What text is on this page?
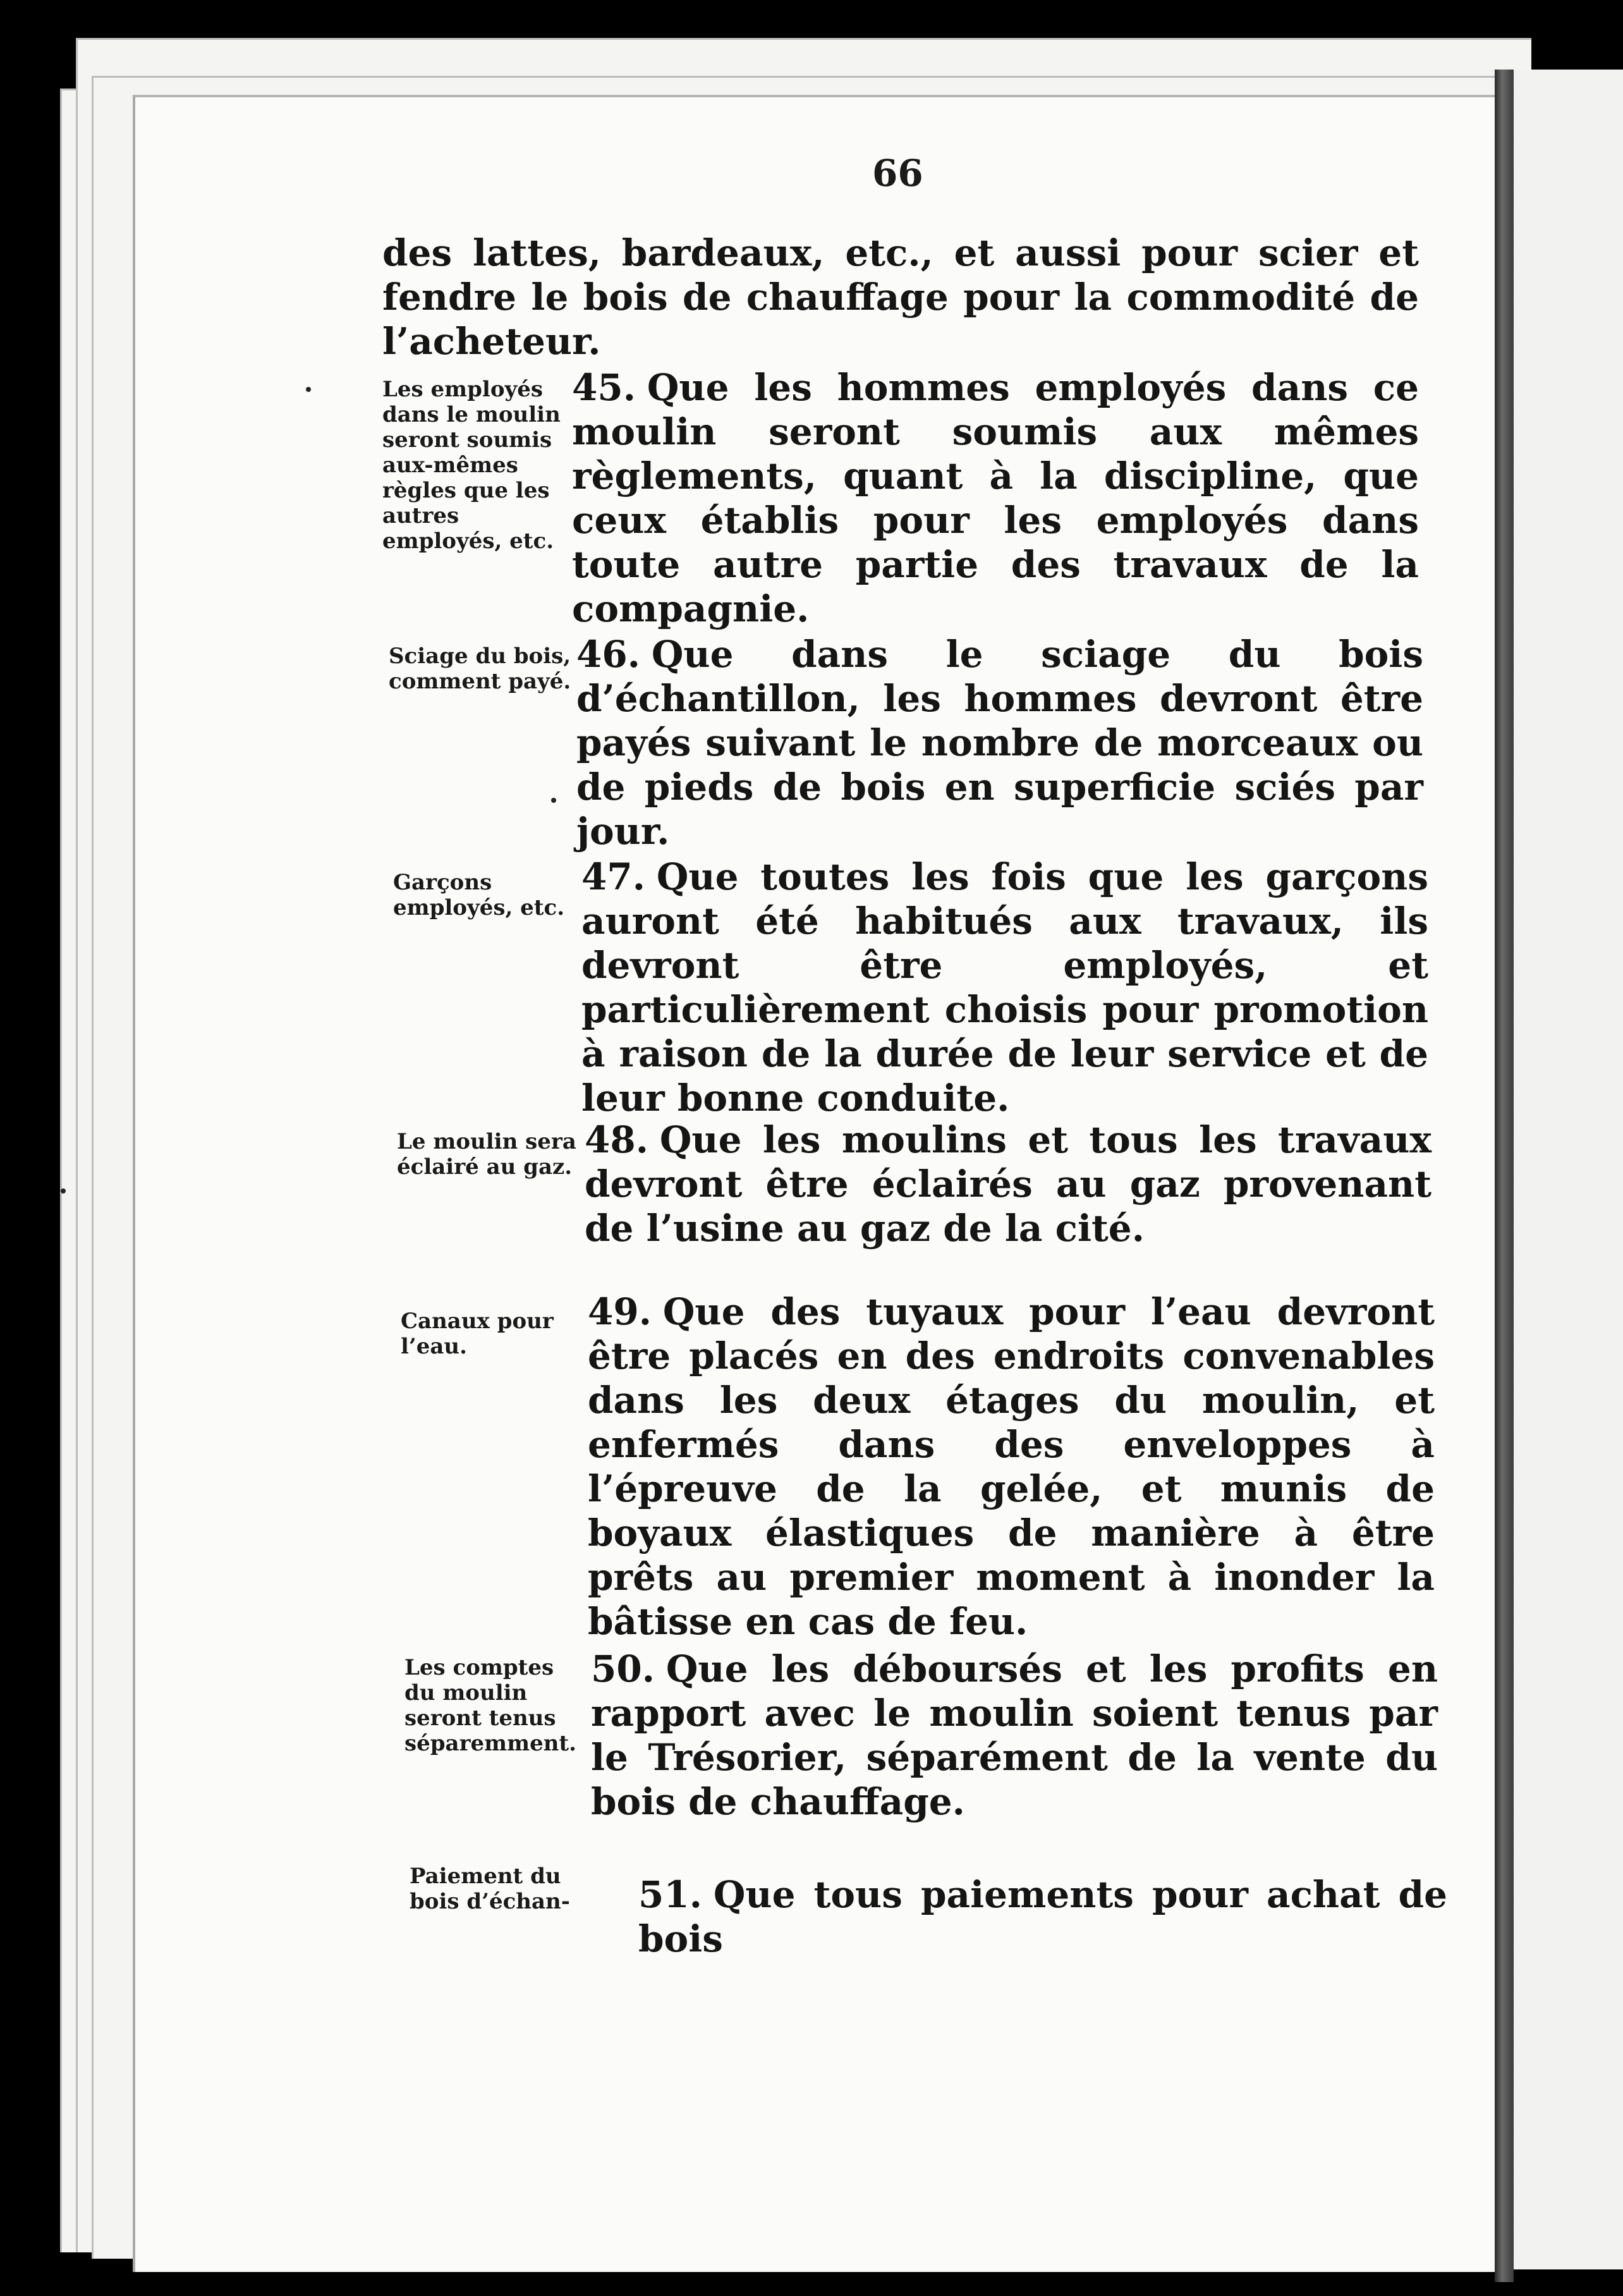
66
des lattes, bardeaux, etc., et aussi pour scier et fendre le bois de chauffage pour la commodité de l’acheteur.
Les employés dans le moulin seront soumis aux-mêmes règles que les autres employés, etc.
45. Que les hommes employés dans ce moulin seront soumis aux mêmes règlements, quant à la discipline, que ceux établis pour les employés dans toute autre partie des travaux de la compagnie.
Sciage du bois, comment payé.
46. Que dans le sciage du bois d’échantillon, les hommes devront être payés suivant le nombre de morceaux ou de pieds de bois en superficie sciés par jour.
Garçons employés, etc.
47. Que toutes les fois que les garçons auront été habitués aux travaux, ils devront être employés, et particulièrement choisis pour promotion à raison de la durée de leur service et de leur bonne conduite.
Le moulin sera éclairé au gaz.
48. Que les moulins et tous les travaux devront être éclairés au gaz provenant de l’usine au gaz de la cité.
Canaux pour l’eau.
49. Que des tuyaux pour l’eau devront être placés en des endroits convenables dans les deux étages du moulin, et enfermés dans des enveloppes à l’épreuve de la gelée, et munis de boyaux élastiques de manière à être prêts au premier moment à inonder la bâtisse en cas de feu.
Les comptes du moulin seront tenus séparemment.
50. Que les déboursés et les profits en rapport avec le moulin soient tenus par le Trésorier, séparément de la vente du bois de chauffage.
Paiement du bois d’échan-	51. Que tous paiements pour achat de bois
